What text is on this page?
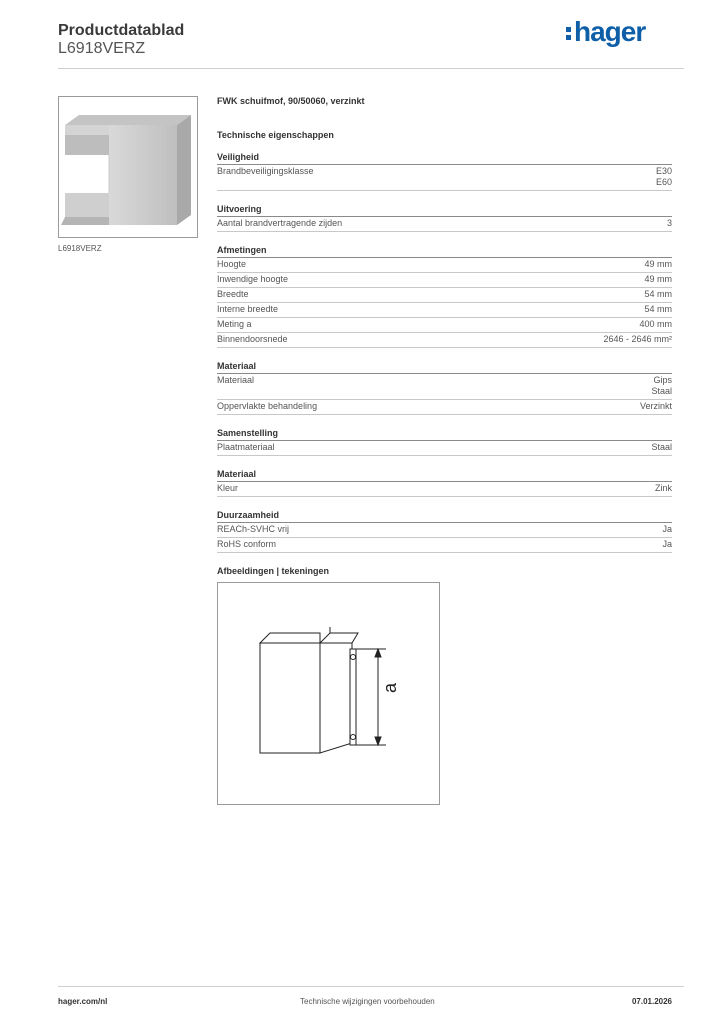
Productdatablad
L6918VERZ
hager
L6918VERZ
FWK schuifmof, 90/50060, verzinkt
Technische eigenschappen
Veiligheid
Brandbeveiligingsklasse	E30
E60
Uitvoering
Aantal brandvertragende zijden	3
Afmetingen
Hoogte	49 mm
Inwendige hoogte	49 mm
Breedte	54 mm
Interne breedte	54 mm
Meting a	400 mm
Binnendoorsnede	2646 - 2646 mm²
Materiaal
Materiaal	Gips
Staal
Oppervlakte behandeling	Verzinkt
Samenstelling
Plaatmateriaal	Staal
Materiaal
Kleur	Zink
Duurzaamheid
REACh-SVHC vrij	Ja
RoHS conform	Ja
Afbeeldingen | tekeningen
a
hager.com/nl	Technische wijzigingen voorbehouden	07.01.2026
